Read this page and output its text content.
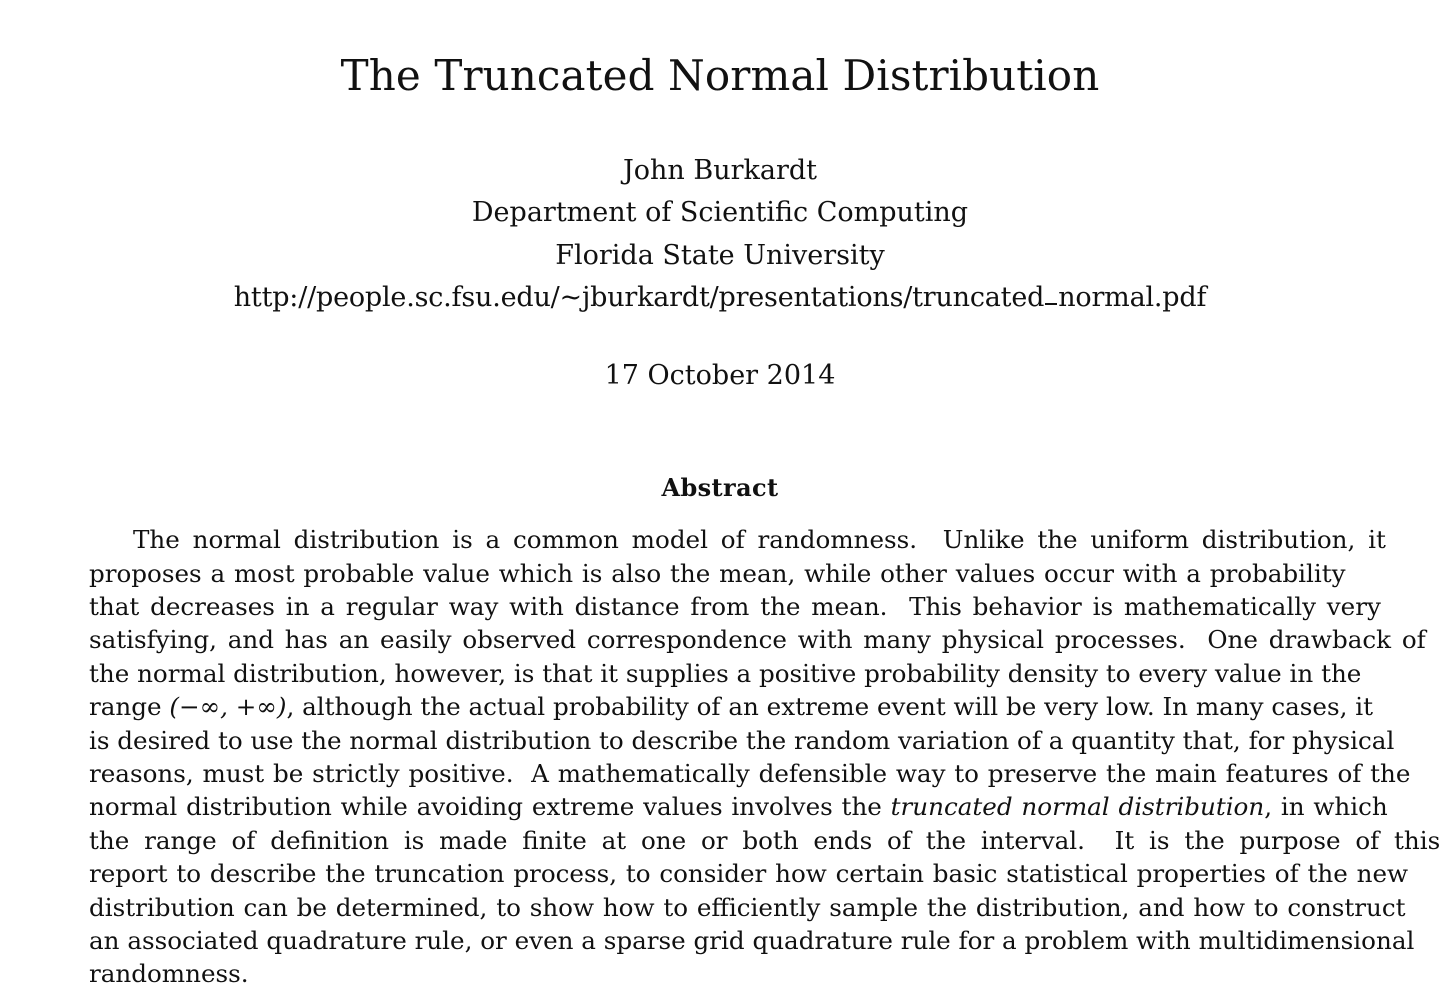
The Truncated Normal Distribution
John Burkardt
Department of Scientific Computing
Florida State University
http://people.sc.fsu.edu/~jburkardt/presentations/truncated normal.pdf
17 October 2014
Abstract
The normal distribution is a common model of randomness. Unlike the uniform distribution, it
proposes a most probable value which is also the mean, while other values occur with a probability
that decreases in a regular way with distance from the mean. This behavior is mathematically very
satisfying, and has an easily observed correspondence with many physical processes. One drawback of
the normal distribution, however, is that it supplies a positive probability density to every value in the
range (−∞, +∞), although the actual probability of an extreme event will be very low. In many cases, it
is desired to use the normal distribution to describe the random variation of a quantity that, for physical
reasons, must be strictly positive. A mathematically defensible way to preserve the main features of the
normal distribution while avoiding extreme values involves the truncated normal distribution, in which
the range of definition is made finite at one or both ends of the interval. It is the purpose of this
report to describe the truncation process, to consider how certain basic statistical properties of the new
distribution can be determined, to show how to efficiently sample the distribution, and how to construct
an associated quadrature rule, or even a sparse grid quadrature rule for a problem with multidimensional
randomness.
